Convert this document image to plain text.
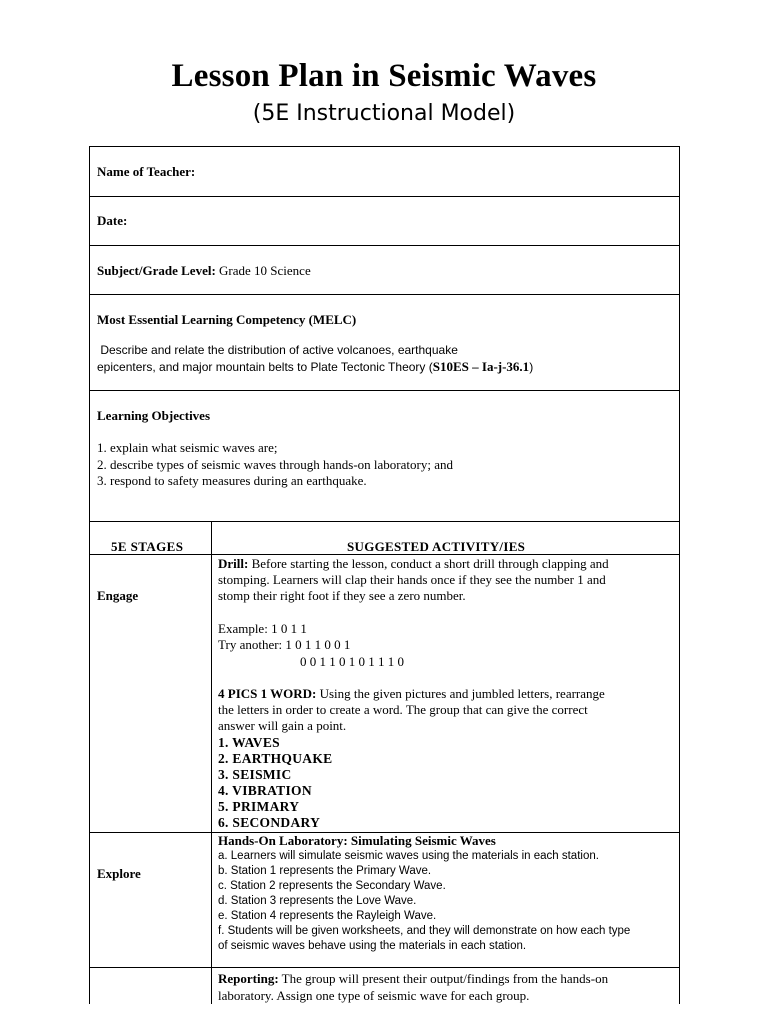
Lesson Plan in Seismic Waves
(5E Instructional Model)
Name of Teacher:
Date:
Subject/Grade Level: Grade 10 Science
Most Essential Learning Competency (MELC)
Describe and relate the distribution of active volcanoes, earthquake
epicenters, and major mountain belts to Plate Tectonic Theory (S10ES – Ia-j-36.1)
Learning Objectives
1. explain what seismic waves are;
2. describe types of seismic waves through hands-on laboratory; and
3. respond to safety measures during an earthquake.
5E STAGES	SUGGESTED ACTIVITY/IES
Engage
Drill: Before starting the lesson, conduct a short drill through clapping and
stomping. Learners will clap their hands once if they see the number 1 and
stomp their right foot if they see a zero number.
Example: 1 0 1 1
Try another: 1 0 1 1 0 0 1
0 0 1 1 0 1 0 1 1 1 0
4 PICS 1 WORD: Using the given pictures and jumbled letters, rearrange
the letters in order to create a word. The group that can give the correct
answer will gain a point.
1. WAVES
2. EARTHQUAKE
3. SEISMIC
4. VIBRATION
5. PRIMARY
6. SECONDARY
Explore
Hands-On Laboratory: Simulating Seismic Waves
a. Learners will simulate seismic waves using the materials in each station.
b. Station 1 represents the Primary Wave.
c. Station 2 represents the Secondary Wave.
d. Station 3 represents the Love Wave.
e. Station 4 represents the Rayleigh Wave.
f. Students will be given worksheets, and they will demonstrate on how each type
of seismic waves behave using the materials in each station.
Reporting: The group will present their output/findings from the hands-on
laboratory. Assign one type of seismic wave for each group.
